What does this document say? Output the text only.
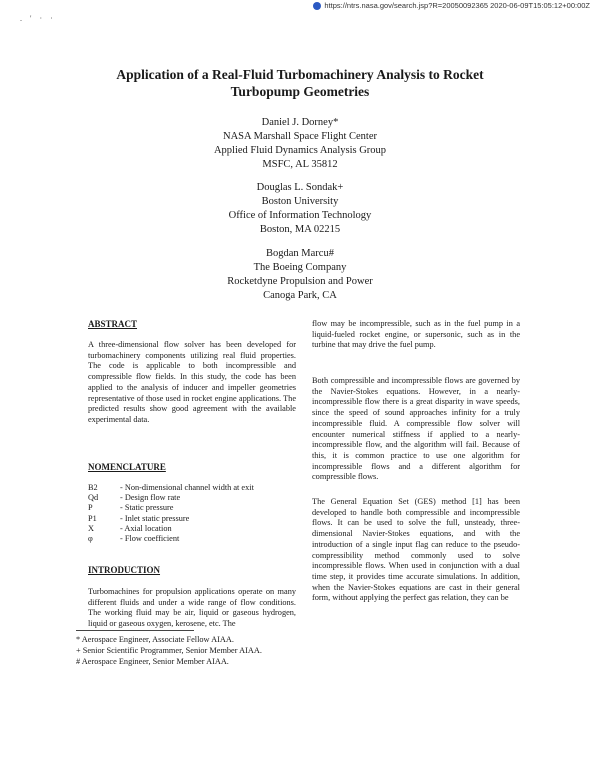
https://ntrs.nasa.gov/search.jsp?R=20050092365 2020-06-09T15:05:12+00:00Z
. ' · ·
Application of a Real-Fluid Turbomachinery Analysis to Rocket Turbopump Geometries
Daniel J. Dorney*
NASA Marshall Space Flight Center
Applied Fluid Dynamics Analysis Group
MSFC, AL 35812
Douglas L. Sondak+
Boston University
Office of Information Technology
Boston, MA 02215
Bogdan Marcu#
The Boeing Company
Rocketdyne Propulsion and Power
Canoga Park, CA
ABSTRACT

A three-dimensional flow solver has been developed for turbomachinery components utilizing real fluid properties. The code is applicable to both incompressible and compressible flow fields. In this study, the code has been applied to the analysis of inducer and impeller geometries representative of those used in rocket engine applications. The predicted results show good agreement with the available experimental data.

NOMENCLATURE
B2	- Non-dimensional channel width at exit
Qd	- Design flow rate
P	- Static pressure
P1	- Inlet static pressure
X	- Axial location
φ	- Flow coefficient
INTRODUCTION

Turbomachines for propulsion applications operate on many different fluids and under a wide range of flow conditions. The working fluid may be air, liquid or gaseous hydrogen, liquid or gaseous oxygen, kerosene, etc. The

flow may be incompressible, such as in the fuel pump in a liquid-fueled rocket engine, or supersonic, such as in the turbine that may drive the fuel pump.

Both compressible and incompressible flows are governed by the Navier-Stokes equations. However, in a nearly-incompressible flow there is a great disparity in wave speeds, since the speed of sound approaches infinity for a truly incompressible fluid. A compressible flow solver will encounter numerical stiffness if applied to a nearly-incompressible flow, and the algorithm will fail. Because of this, it is common practice to use one algorithm for incompressible flows and a different algorithm for compressible flows.

The General Equation Set (GES) method [1] has been developed to handle both compressible and incompressible flows. It can be used to solve the full, unsteady, three-dimensional Navier-Stokes equations, and with the introduction of a single input flag can reduce to the pseudo-compressibility method commonly used to solve incompressible flows. When used in conjunction with a dual time step, it provides time accurate simulations. In addition, when the Navier-Stokes equations are cast in their general form, without applying the perfect gas relation, they can be

* Aerospace Engineer, Associate Fellow AIAA.
+ Senior Scientific Programmer, Senior Member AIAA.
# Aerospace Engineer, Senior Member AIAA.
